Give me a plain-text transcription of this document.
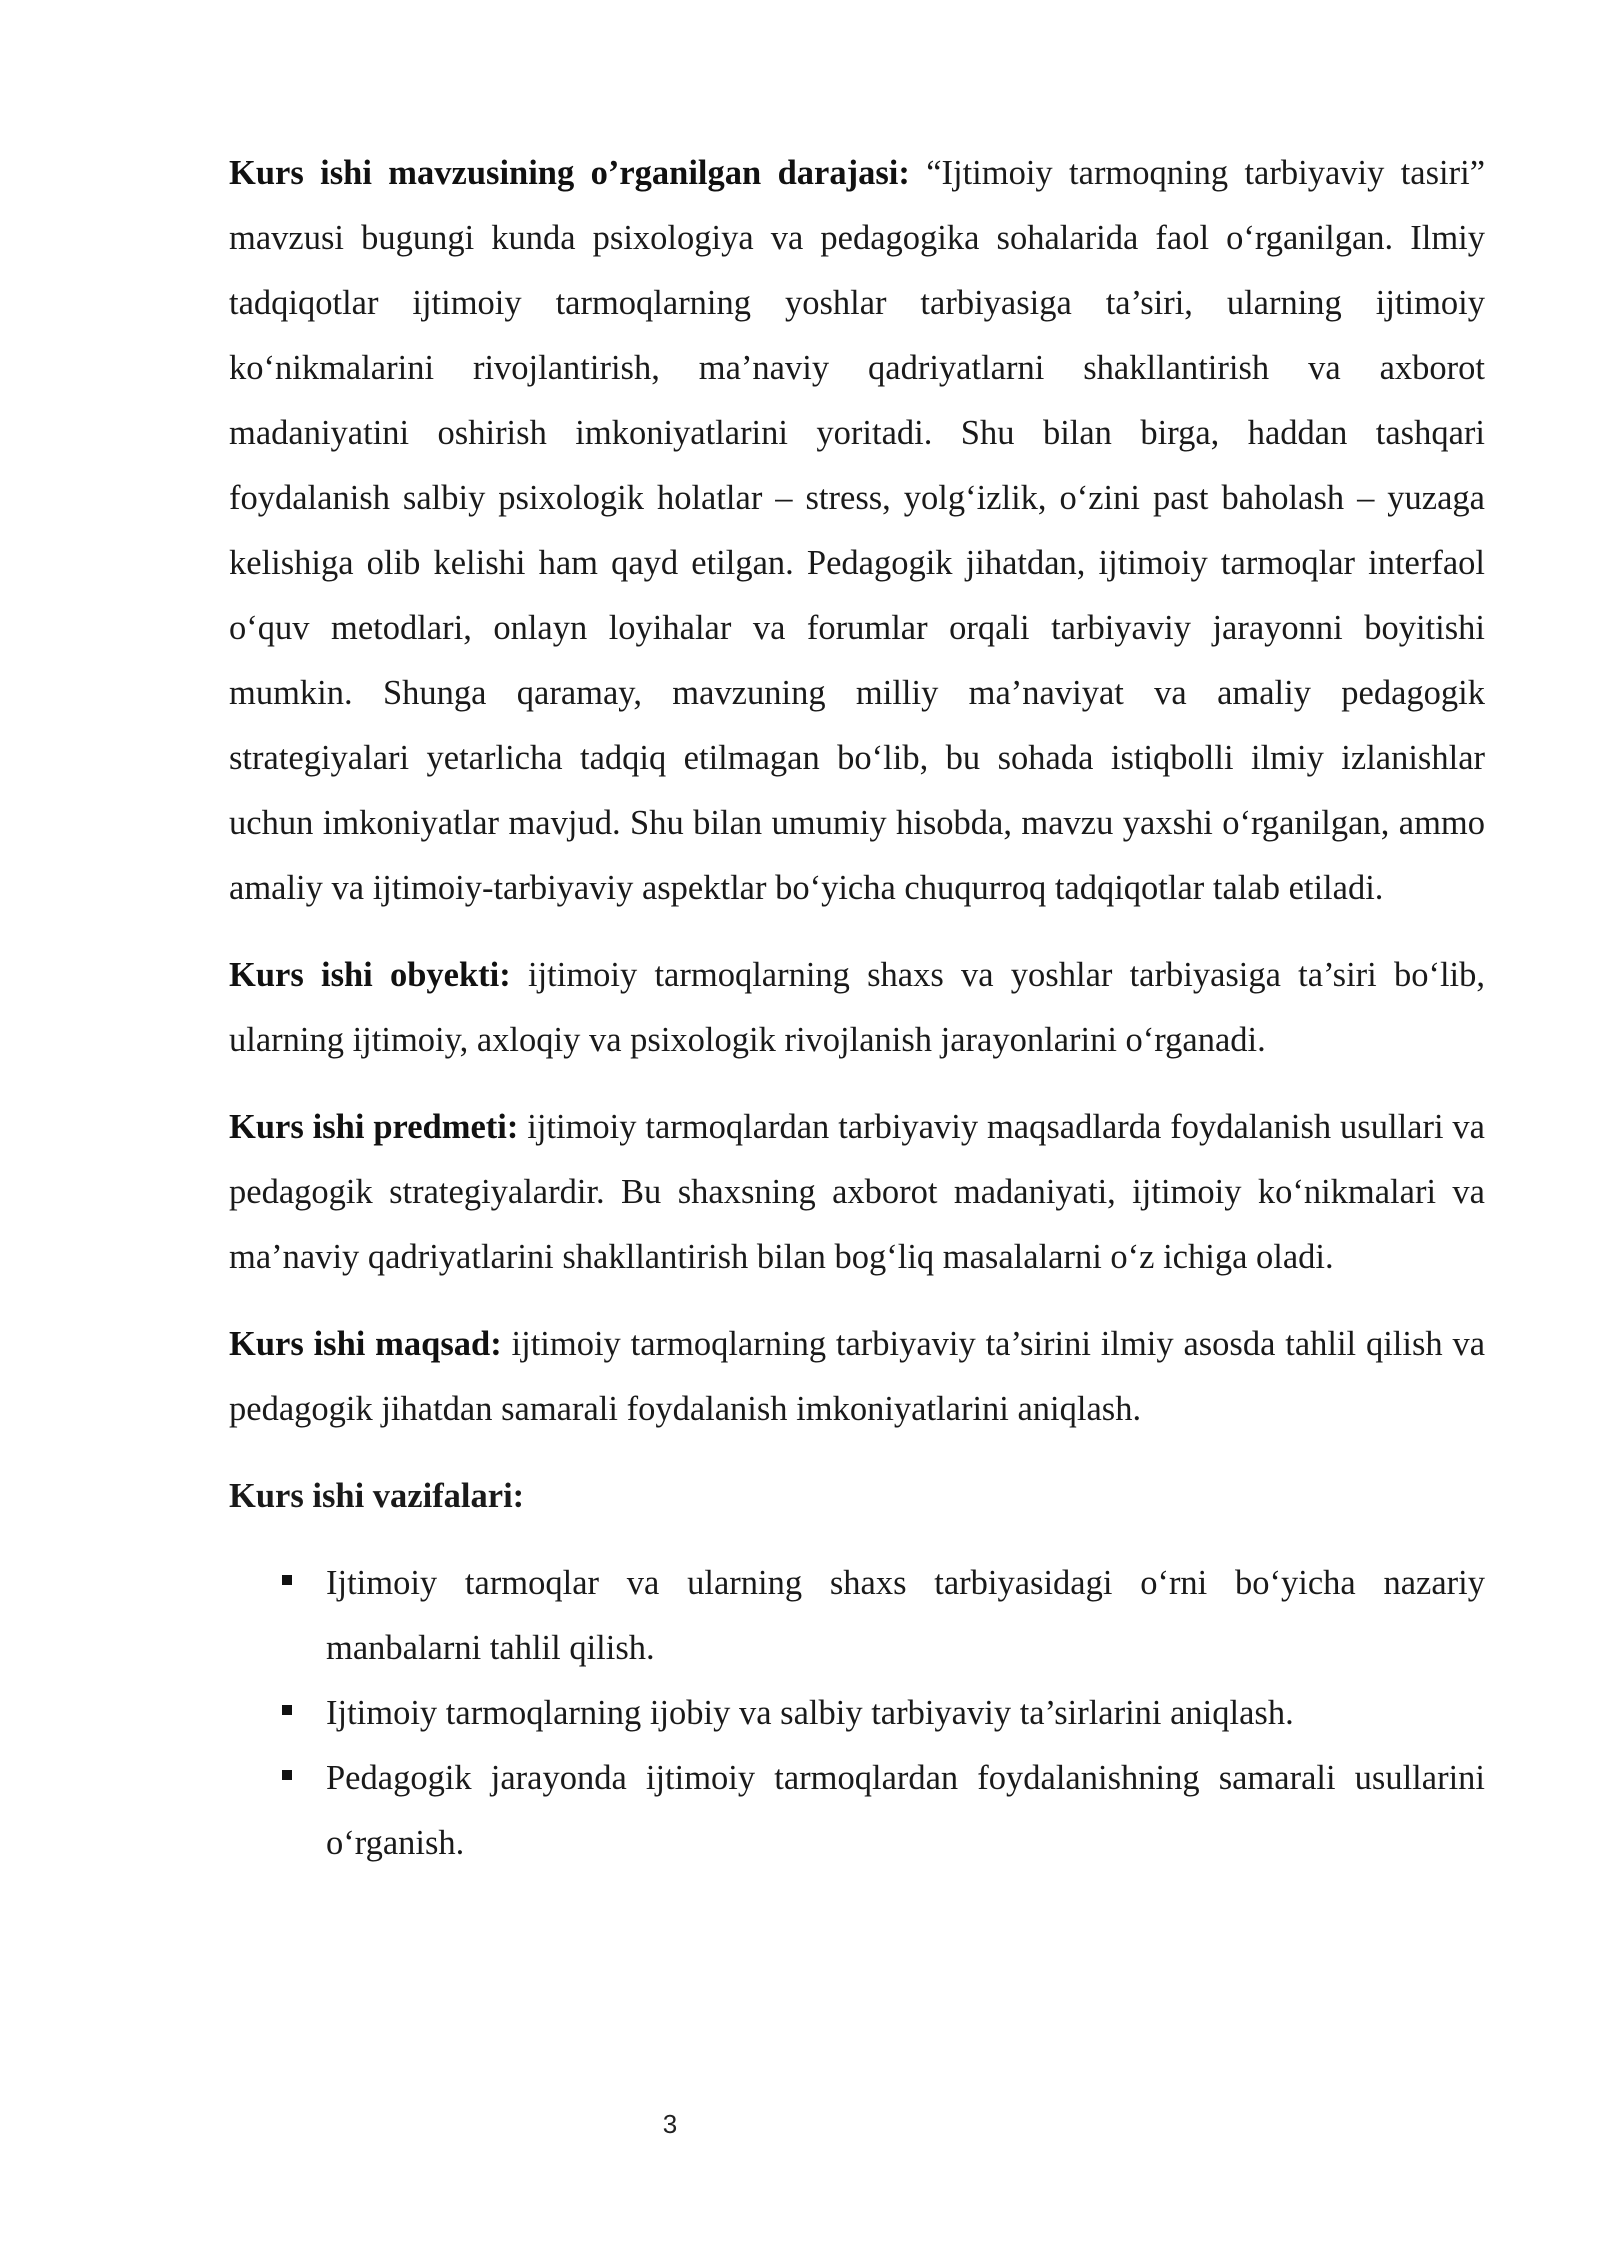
Kurs ishi mavzusining o’rganilgan darajasi: “Ijtimoiy tarmoqning tarbiyaviy tasiri” mavzusi bugungi kunda psixologiya va pedagogika sohalarida faol o‘rganilgan. Ilmiy tadqiqotlar ijtimoiy tarmoqlarning yoshlar tarbiyasiga ta’siri, ularning ijtimoiy ko‘nikmalarini rivojlantirish, ma’naviy qadriyatlarni shakllantirish va axborot madaniyatini oshirish imkoniyatlarini yoritadi. Shu bilan birga, haddan tashqari foydalanish salbiy psixologik holatlar – stress, yolg‘izlik, o‘zini past baholash – yuzaga kelishiga olib kelishi ham qayd etilgan. Pedagogik jihatdan, ijtimoiy tarmoqlar interfaol o‘quv metodlari, onlayn loyihalar va forumlar orqali tarbiyaviy jarayonni boyitishi mumkin. Shunga qaramay, mavzuning milliy ma’naviyat va amaliy pedagogik strategiyalari yetarlicha tadqiq etilmagan bo‘lib, bu sohada istiqbolli ilmiy izlanishlar uchun imkoniyatlar mavjud. Shu bilan umumiy hisobda, mavzu yaxshi o‘rganilgan, ammo amaliy va ijtimoiy-tarbiyaviy aspektlar bo‘yicha chuqurroq tadqiqotlar talab etiladi.

Kurs ishi obyekti: ijtimoiy tarmoqlarning shaxs va yoshlar tarbiyasiga ta’siri bo‘lib, ularning ijtimoiy, axloqiy va psixologik rivojlanish jarayonlarini o‘rganadi.

Kurs ishi predmeti: ijtimoiy tarmoqlardan tarbiyaviy maqsadlarda foydalanish usullari va pedagogik strategiyalardir. Bu shaxsning axborot madaniyati, ijtimoiy ko‘nikmalari va ma’naviy qadriyatlarini shakllantirish bilan bog‘liq masalalarni o‘z ichiga oladi.

Kurs ishi maqsad: ijtimoiy tarmoqlarning tarbiyaviy ta’sirini ilmiy asosda tahlil qilish va pedagogik jihatdan samarali foydalanish imkoniyatlarini aniqlash.

Kurs ishi vazifalari:
Ijtimoiy tarmoqlar va ularning shaxs tarbiyasidagi o‘rni bo‘yicha nazariy manbalarni tahlil qilish.
Ijtimoiy tarmoqlarning ijobiy va salbiy tarbiyaviy ta’sirlarini aniqlash.
Pedagogik jarayonda ijtimoiy tarmoqlardan foydalanishning samarali usullarini o‘rganish.
3
